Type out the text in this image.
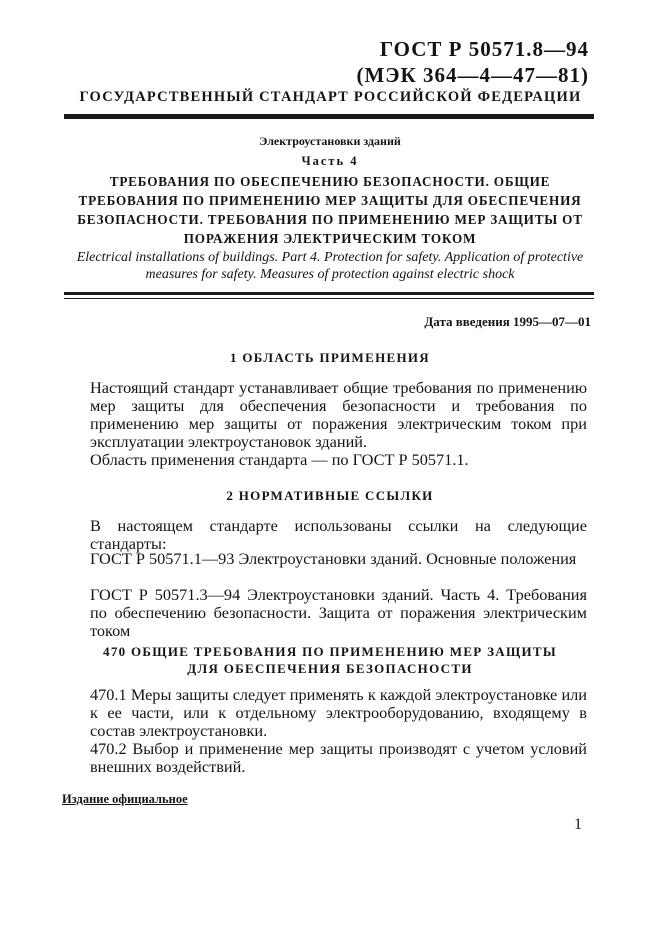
ГОСТ Р 50571.8—94
(МЭК 364—4—47—81)
ГОСУДАРСТВЕННЫЙ СТАНДАРТ РОССИЙСКОЙ ФЕДЕРАЦИИ
Электроустановки зданий
Часть 4
ТРЕБОВАНИЯ ПО ОБЕСПЕЧЕНИЮ БЕЗОПАСНОСТИ. ОБЩИЕ ТРЕБОВАНИЯ ПО ПРИМЕНЕНИЮ МЕР ЗАЩИТЫ ДЛЯ ОБЕСПЕЧЕНИЯ БЕЗОПАСНОСТИ. ТРЕБОВАНИЯ ПО ПРИМЕНЕНИЮ МЕР ЗАЩИТЫ ОТ ПОРАЖЕНИЯ ЭЛЕКТРИЧЕСКИМ ТОКОМ
Electrical installations of buildings. Part 4. Protection for safety. Application of protective measures for safety. Measures of protection against electric shock
Дата введения 1995—07—01
1 ОБЛАСТЬ ПРИМЕНЕНИЯ
Настоящий стандарт устанавливает общие требования по применению мер защиты для обеспечения безопасности и требования по применению мер защиты от поражения электрическим током при эксплуатации электроустановок зданий.
Область применения стандарта — по ГОСТ Р 50571.1.
2 НОРМАТИВНЫЕ ССЫЛКИ
В настоящем стандарте использованы ссылки на следующие стандарты:
ГОСТ Р 50571.1—93 Электроустановки зданий. Основные положения
ГОСТ Р 50571.3—94 Электроустановки зданий. Часть 4. Требования по обеспечению безопасности. Защита от поражения электрическим током
470 ОБЩИЕ ТРЕБОВАНИЯ ПО ПРИМЕНЕНИЮ МЕР ЗАЩИТЫ
ДЛЯ ОБЕСПЕЧЕНИЯ БЕЗОПАСНОСТИ
470.1 Меры защиты следует применять к каждой электроустановке или к ее части, или к отдельному электрооборудованию, входящему в состав электроустановки.
470.2 Выбор и применение мер защиты производят с учетом условий внешних воздействий.
Издание официальное
1
